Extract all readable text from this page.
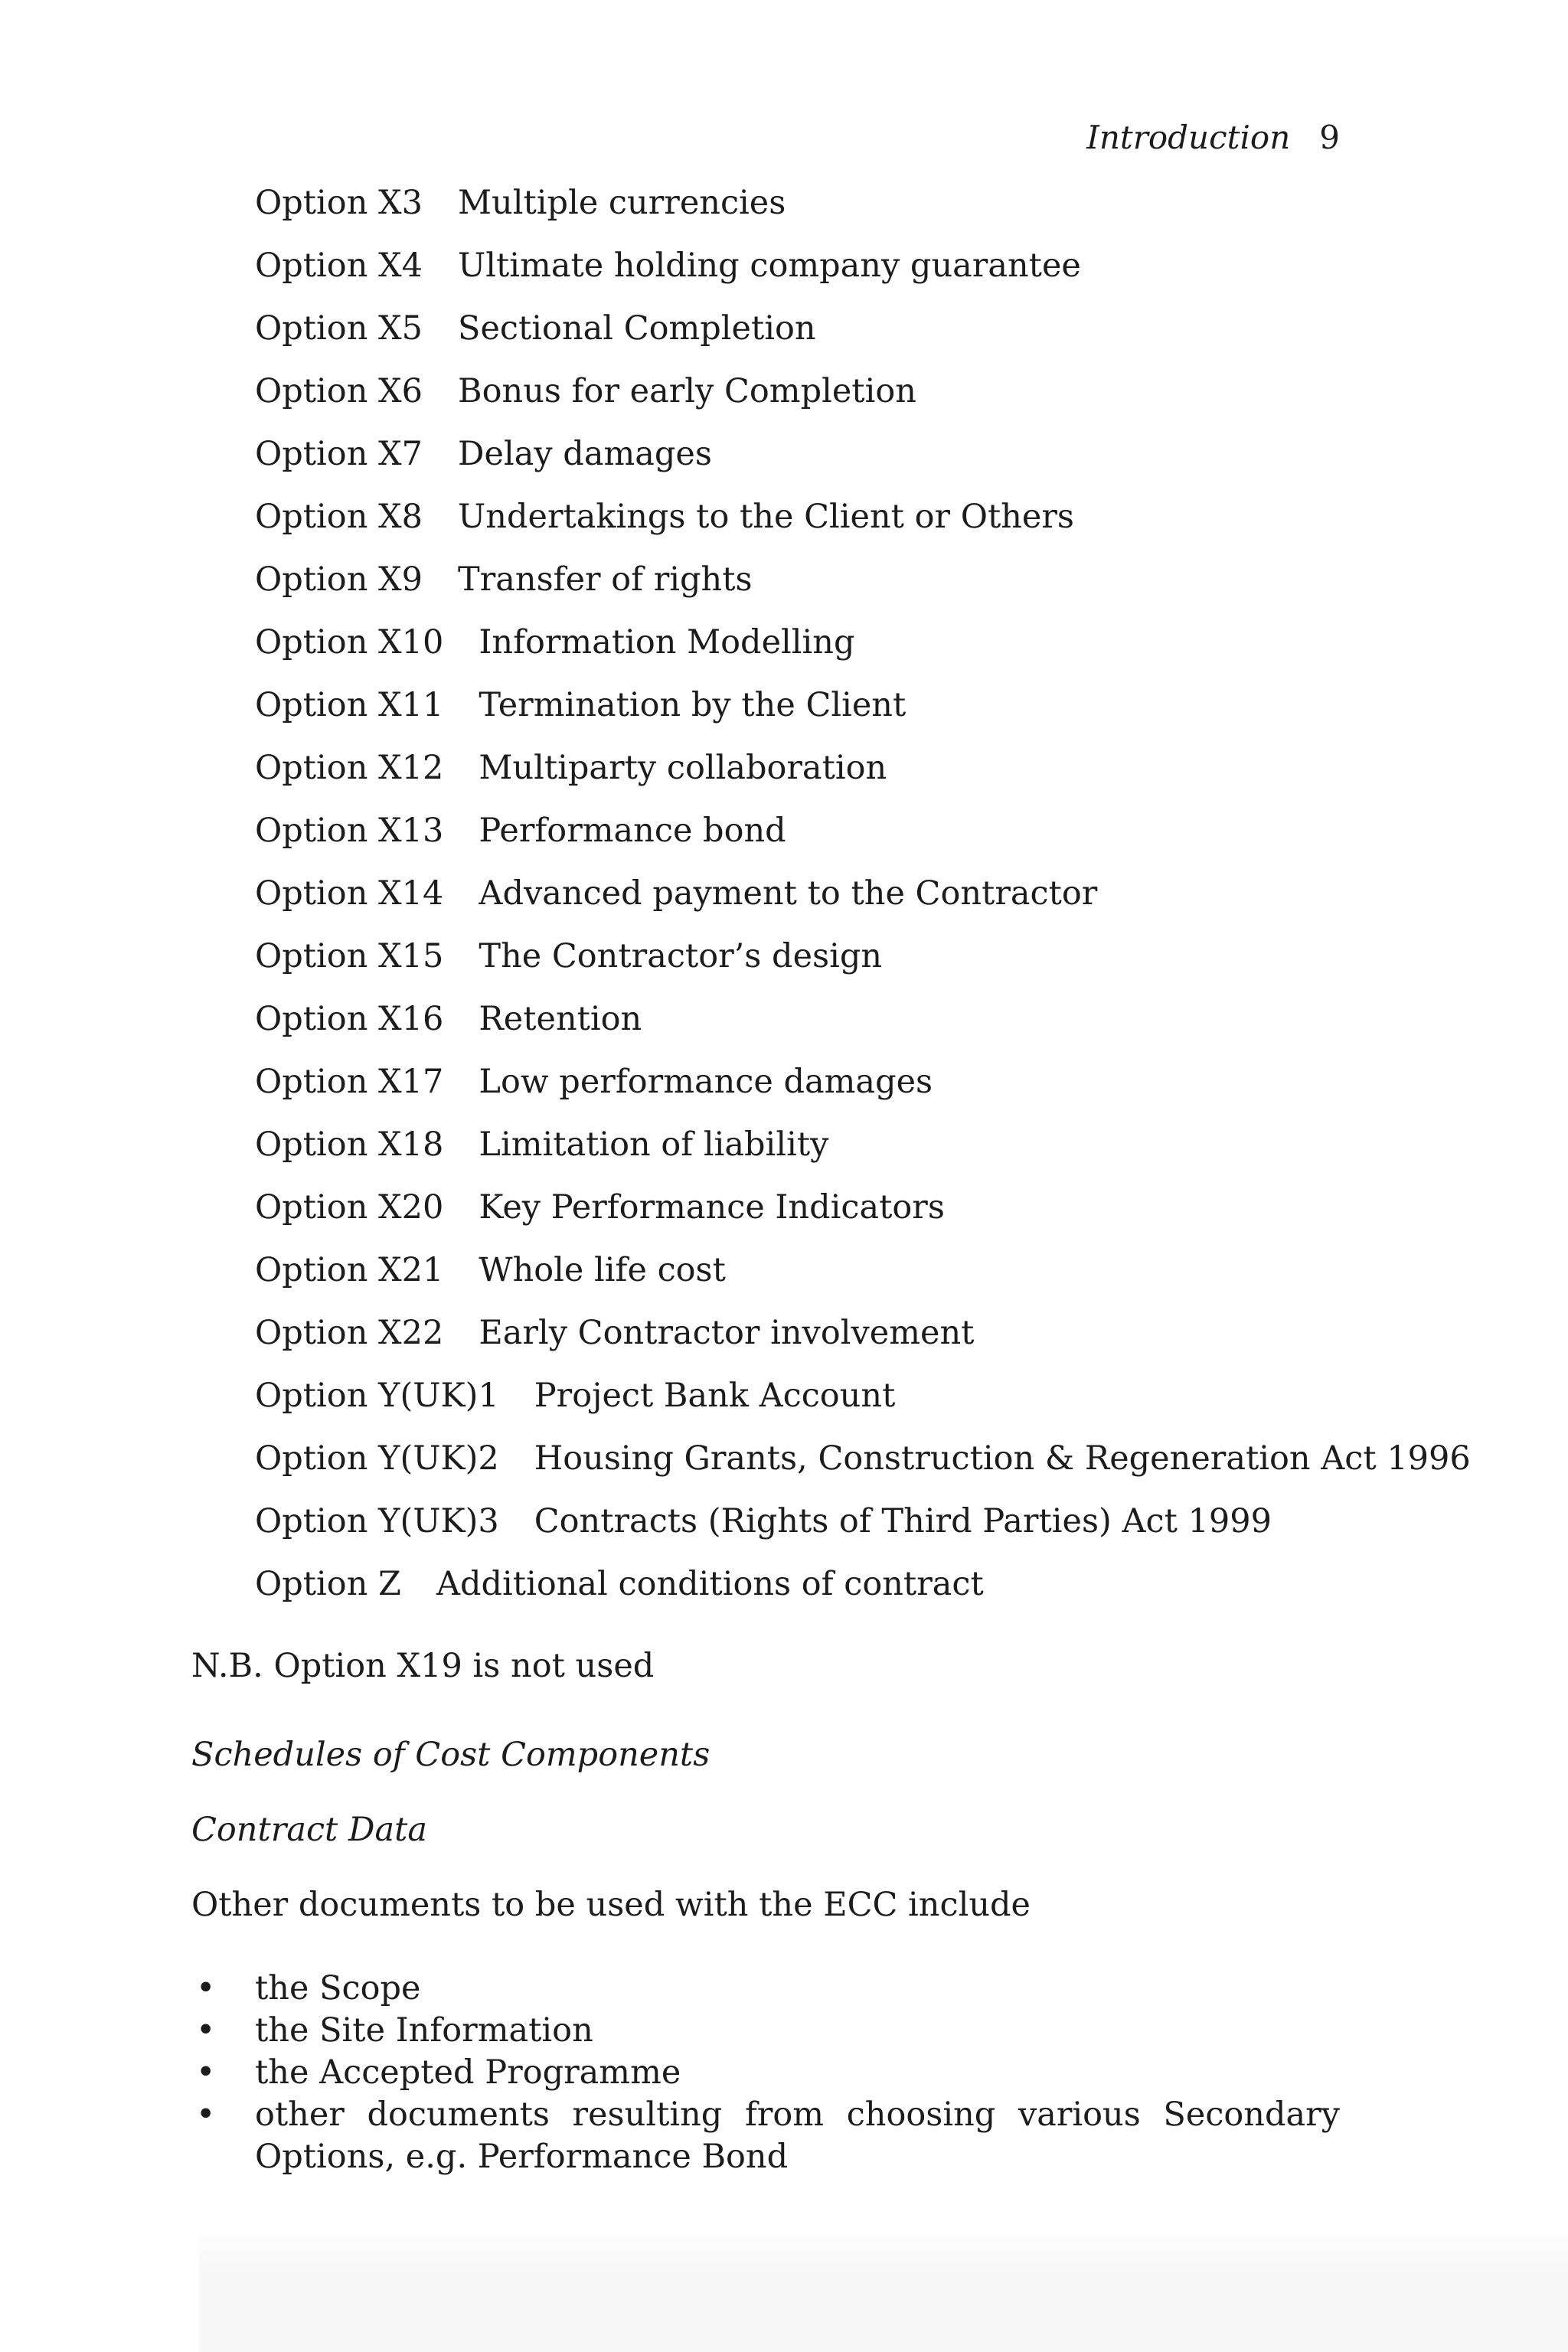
Introduction 9
Option X3 Multiple currencies
Option X4 Ultimate holding company guarantee
Option X5 Sectional Completion
Option X6 Bonus for early Completion
Option X7 Delay damages
Option X8 Undertakings to the Client or Others
Option X9 Transfer of rights
Option X10 Information Modelling
Option X11 Termination by the Client
Option X12 Multiparty collaboration
Option X13 Performance bond
Option X14 Advanced payment to the Contractor
Option X15 The Contractor’s design
Option X16 Retention
Option X17 Low performance damages
Option X18 Limitation of liability
Option X20 Key Performance Indicators
Option X21 Whole life cost
Option X22 Early Contractor involvement
Option Y(UK)1 Project Bank Account
Option Y(UK)2 Housing Grants, Construction & Regeneration Act 1996
Option Y(UK)3 Contracts (Rights of Third Parties) Act 1999
Option Z Additional conditions of contract
N.B. Option X19 is not used
Schedules of Cost Components
Contract Data
Other documents to be used with the ECC include
• the Scope
• the Site Information
• the Accepted Programme
• other documents resulting from choosing various Secondary Options, e.g. Performance Bond
